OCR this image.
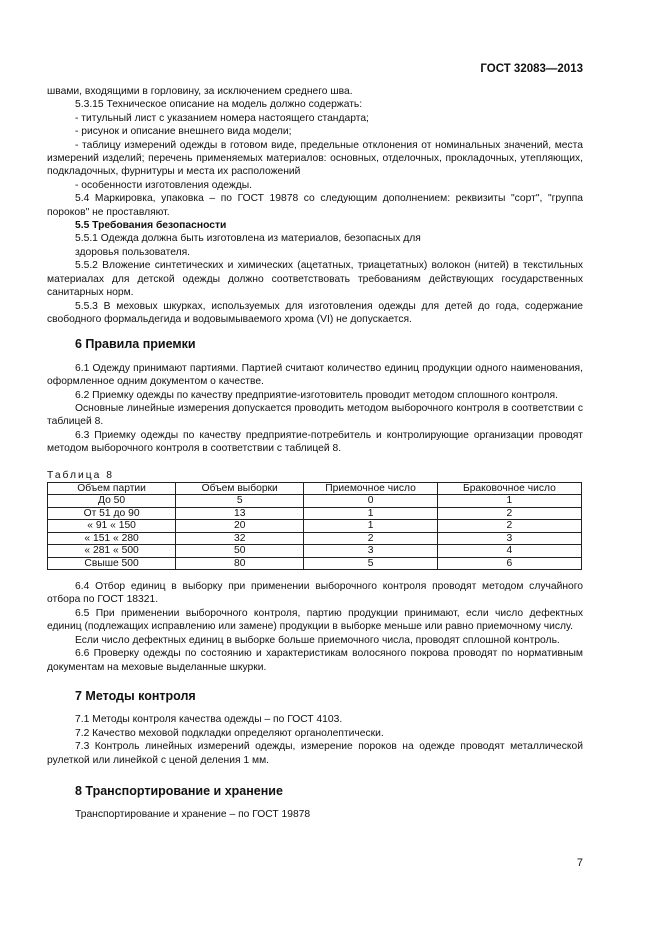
ГОСТ 32083—2013

швами, входящими в горловину, за исключением среднего шва.

5.3.15 Техническое описание на модель должно содержать:

- титульный лист с указанием номера настоящего стандарта;

- рисунок и описание внешнего вида модели;

- таблицу измерений одежды в готовом виде, предельные отклонения от номинальных значений, места измерений изделий; перечень применяемых материалов: основных, отделочных, прокладочных, утепляющих, подкладочных, фурнитуры и места их расположений

- особенности изготовления одежды.

5.4 Маркировка, упаковка – по ГОСТ 19878 со следующим дополнением: реквизиты "сорт", "группа пороков" не проставляют.

5.5 Требования безопасности

5.5.1 Одежда должна быть изготовлена из материалов, безопасных для

здоровья пользователя.

5.5.2 Вложение синтетических и химических (ацетатных, триацетатных) волокон (нитей) в текстильных материалах для детской одежды должно соответствовать требованиям действующих государственных санитарных норм.

5.5.3 В меховых шкурках, используемых для изготовления одежды для детей до года, содержание свободного формальдегида и водовымываемого хрома (VI) не допускается.

6 Правила приемки

6.1 Одежду принимают партиями. Партией считают количество единиц продукции одного наименования, оформленное одним документом о качестве.

6.2 Приемку одежды по качеству предприятие-изготовитель проводит методом сплошного контроля.

Основные линейные измерения допускается проводить методом выборочного контроля в соответствии с таблицей 8.

6.3 Приемку одежды по качеству предприятие-потребитель и контролирующие организации проводят методом выборочного контроля в соответствии с таблицей 8.

Таблица 8
Объем партии	Объем выборки	Приемочное число	Браковочное число
До 50	5	0	1
От 51 до 90	13	1	2
« 91 « 150	20	1	2
« 151 « 280	32	2	3
« 281 « 500	50	3	4
Свыше 500	80	5	6

6.4 Отбор единиц в выборку при применении выборочного контроля проводят методом случайного отбора по ГОСТ 18321.

6.5 При применении выборочного контроля, партию продукции принимают, если число дефектных единиц (подлежащих исправлению или замене) продукции в выборке меньше или равно приемочному числу.

Если число дефектных единиц в выборке больше приемочного числа, проводят сплошной контроль.

6.6 Проверку одежды по состоянию и характеристикам волосяного покрова проводят по нормативным документам на меховые выделанные шкурки.

7 Методы контроля

7.1 Методы контроля качества одежды – по ГОСТ 4103.

7.2 Качество меховой подкладки определяют органолептически.

7.3 Контроль линейных измерений одежды, измерение пороков на одежде проводят металлической рулеткой или линейкой с ценой деления 1 мм.

8 Транспортирование и хранение

Транспортирование и хранение – по ГОСТ 19878

7
